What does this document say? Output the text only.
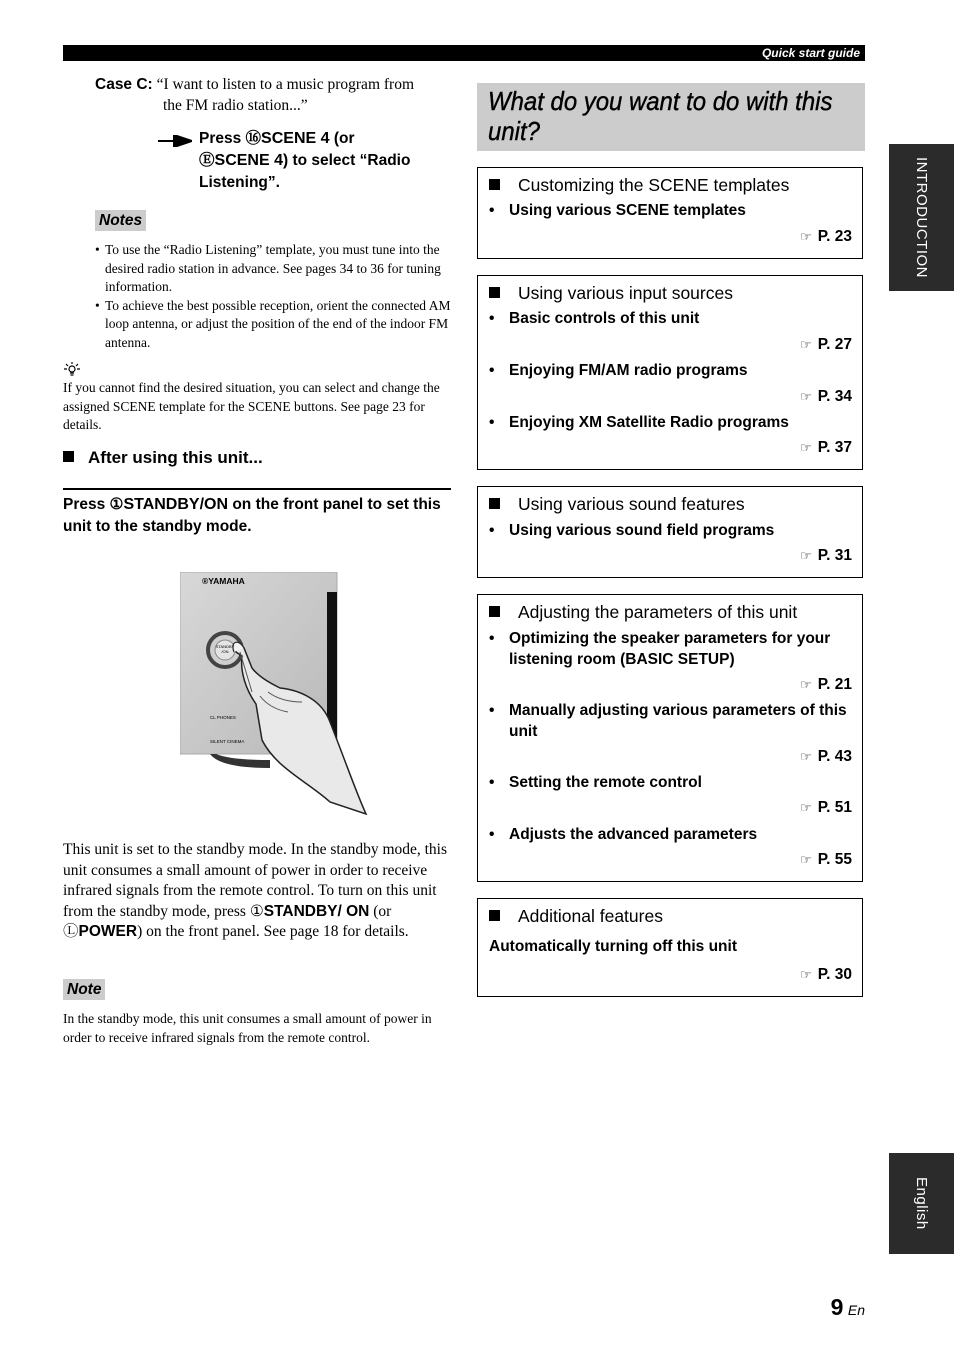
Quick start guide
INTRODUCTION
English
Case C: “I want to listen to a music program from
the FM radio station...”
Press ⑯SCENE 4 (or
ⒺSCENE 4) to select “Radio
Listening”.
Notes
• To use the “Radio Listening” template, you must tune into the desired radio station in advance. See pages 34 to 36 for tuning information.
• To achieve the best possible reception, orient the connected AM loop antenna, or adjust the position of the end of the indoor FM antenna.
If you cannot find the desired situation, you can select and change the assigned SCENE template for the SCENE buttons. See page 23 for details.
After using this unit...
Press ①STANDBY/ON on the front panel to set this unit to the standby mode.
®YAMAHA
STANDBY /ON
CL PHONES
SILENT CINEMA
This unit is set to the standby mode. In the standby mode, this unit consumes a small amount of power in order to receive infrared signals from the remote control. To turn on this unit from the standby mode, press ①STANDBY/ ON (or ⓁPOWER) on the front panel. See page 18 for details.
Note
In the standby mode, this unit consumes a small amount of power in order to receive infrared signals from the remote control.
What do you want to do with this unit?
Customizing the SCENE templates
• Using various SCENE templates
☞ P. 23
Using various input sources
• Basic controls of this unit
☞ P. 27
• Enjoying FM/AM radio programs
☞ P. 34
• Enjoying XM Satellite Radio programs
☞ P. 37
Using various sound features
• Using various sound field programs
☞ P. 31
Adjusting the parameters of this unit
• Optimizing the speaker parameters for your listening room (BASIC SETUP)
☞ P. 21
• Manually adjusting various parameters of this unit
☞ P. 43
• Setting the remote control
☞ P. 51
• Adjusts the advanced parameters
☞ P. 55
Additional features
Automatically turning off this unit
☞ P. 30
9 En
